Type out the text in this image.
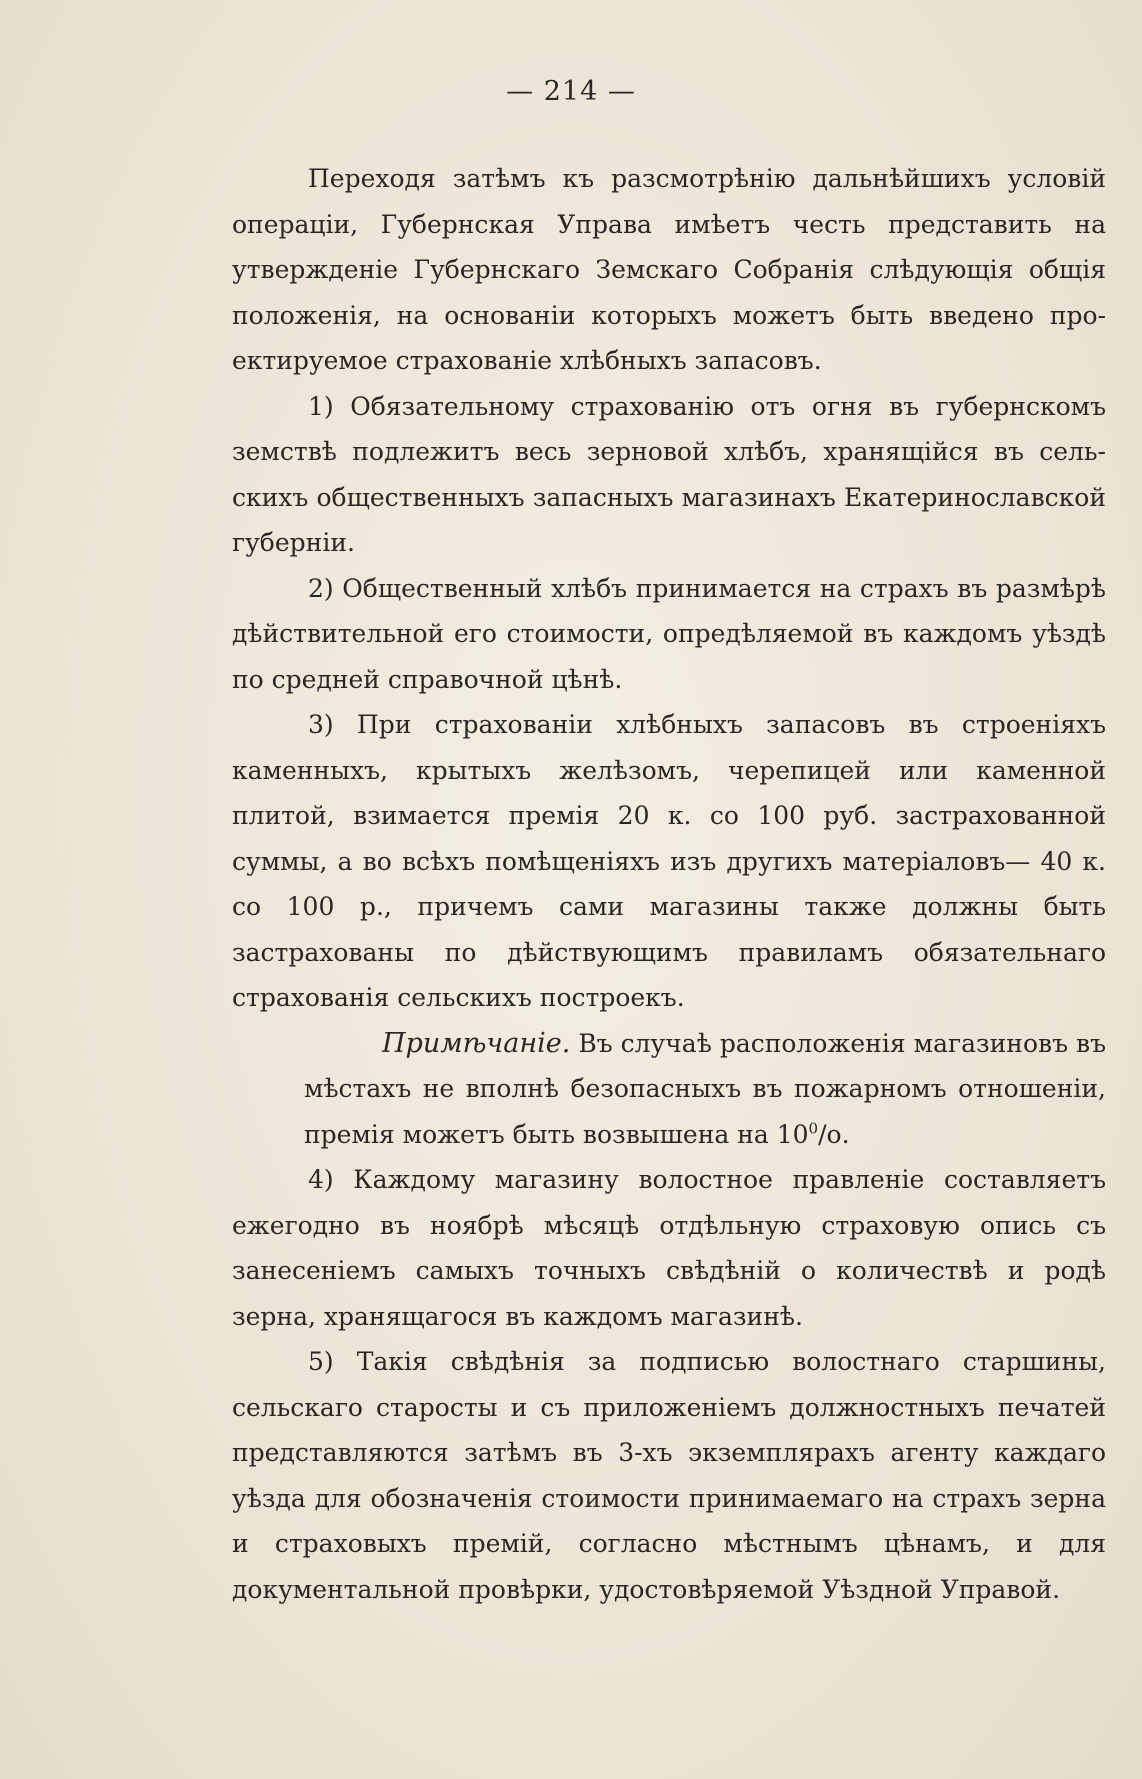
— 214 —

Переходя затѣмъ къ разсмотрѣнію дальнѣйшихъ условій операціи, Губернская Управа имѣетъ честь представить на утвержденіе Губернскаго Земскаго Собранія слѣдующія общія положенія, на основаніи которыхъ можетъ быть введено проектируемое страхованіе хлѣбныхъ запасовъ.

1) Обязательному страхованію отъ огня въ губернскомъ земствѣ подлежитъ весь зерновой хлѣбъ, хранящійся въ сельскихъ общественныхъ запасныхъ магазинахъ Екатеринославской губерніи.

2) Общественный хлѣбъ принимается на страхъ въ размѣрѣ дѣйствительной его стоимости, опредѣляемой въ каждомъ уѣздѣ по средней справочной цѣнѣ.

3) При страхованіи хлѣбныхъ запасовъ въ строеніяхъ каменныхъ, крытыхъ желѣзомъ, черепицей или каменной плитой, взимается премія 20 к. со 100 руб. застрахованной суммы, а во всѣхъ помѣщеніяхъ изъ другихъ матеріаловъ— 40 к. со 100 р., причемъ сами магазины также должны быть застрахованы по дѣйствующимъ правиламъ обязательнаго страхованія сельскихъ построекъ.

Примѣчаніе. Въ случаѣ расположенія магазиновъ въ мѣстахъ не вполнѣ безопасныхъ въ пожарномъ отношеніи, премія можетъ быть возвышена на $10^0/о$.

4) Каждому магазину волостное правленіе составляетъ ежегодно въ ноябрѣ мѣсяцѣ отдѣльную страховую опись съ занесеніемъ самыхъ точныхъ свѣдѣній о количествѣ и родѣ зерна, хранящагося въ каждомъ магазинѣ.

5) Такія свѣдѣнія за подписью волостнаго старшины, сельскаго старосты и съ приложеніемъ должностныхъ печатей представляются затѣмъ въ 3-хъ экземплярахъ агенту каждаго уѣзда для обозначенія стоимости принимаемаго на страхъ зерна и страховыхъ премій, согласно мѣстнымъ цѣнамъ, и для документальной провѣрки, удостовѣряемой Уѣздной Управой.
